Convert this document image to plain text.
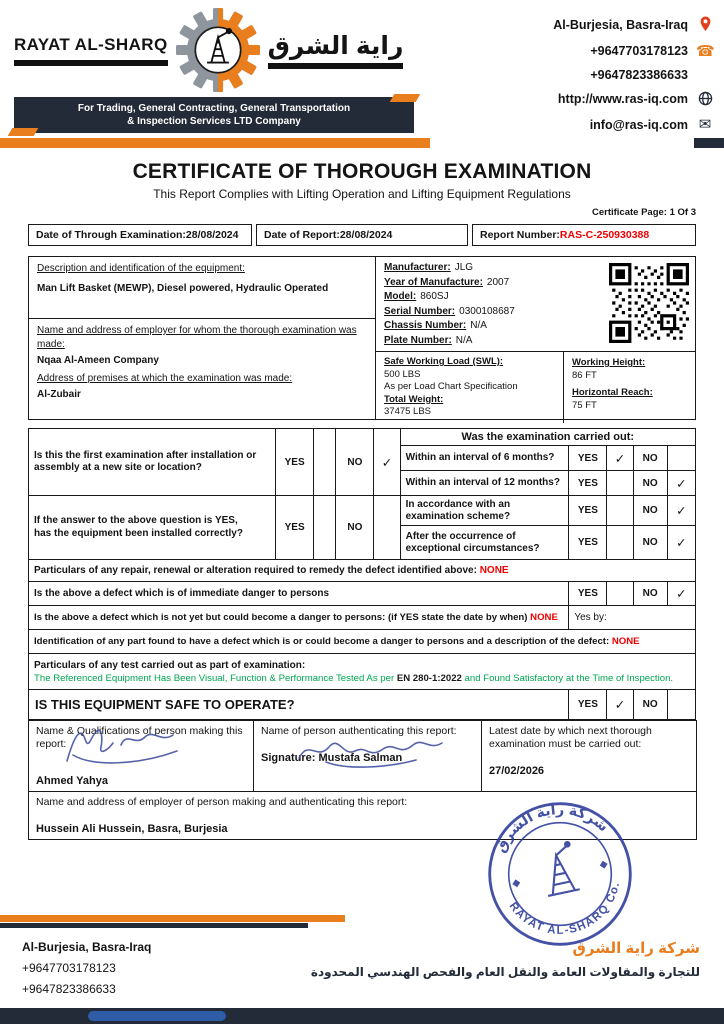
RAYAT AL-SHARQ	راية الشرق
For Trading, General Contracting, General Transportation
& Inspection Services LTD Company
Al-Burjesia, Basra-Iraq
+9647703178123 ☎
+9647823386633
http://www.ras-iq.com
info@ras-iq.com ✉
CERTIFICATE OF THOROUGH EXAMINATION
This Report Complies with Lifting Operation and Lifting Equipment Regulations
Certificate Page: 1 Of 3
Date of Through Examination: 28/08/2024 Date of Report: 28/08/2024	Report Number: RAS-C-250930388
Description and identification of the equipment:
Man Lift Basket (MEWP), Diesel powered, Hydraulic Operated
Name and address of employer for whom the thorough examination was made:
Nqaa Al-Ameen Company
Address of premises at which the examination was made:
Al-Zubair
Manufacturer: JLG
Year of Manufacture: 2007
Model: 860SJ
Serial Number: 0300108687
Chassis Number: N/A
Plate Number: N/A
Safe Working Load (SWL):
500 LBS
As per Load Chart Specification
Total Weight:
37475 LBS
Working Height:
86 FT
Horizontal Reach:
75 FT
Is this the first examination after installation or assembly at a new site or location?	YES		NO	✓	Was the examination carried out:				
					Within an interval of 6 months?	YES	✓	NO	
					Within an interval of 12 months?	YES		NO	✓

If the answer to the above question is YES,
has the equipment been installed correctly?	YES		NO		In accordance with an examination scheme?	YES		NO	✓
					After the occurrence of exceptional circumstances?	YES		NO	✓
Particulars of any repair, renewal or alteration required to remedy the defect identified above: NONE									
Is the above a defect which is of immediate danger to persons						YES		NO	✓
Is the above a defect which is not yet but could become a danger to persons: (if YES state the date by when) NONE						Yes by:			
Identification of any part found to have a defect which is or could become a danger to persons and a description of the defect: NONE									

Particulars of any test carried out as part of examination:
The Referenced Equipment Has Been Visual, Function & Performance Tested As per EN 280-1:2022 and Found Satisfactory at the Time of Inspection.									

IS THIS EQUIPMENT SAFE TO OPERATE?						YES	✓	NO	
Name & Qualifications of person making this report:
Ahmed Yahya

Name of person authenticating this report:
Signature: Mustafa Salman

Latest date by which next thorough examination must be carried out:
27/02/2026

Name and address of employer of person making and authenticating this report:
Hussein Ali Hussein, Basra, Burjesia
شركة راية الشرق
RAYAT AL-SHARQ Co.
Al-Burjesia, Basra-Iraq
+9647703178123
+9647823386633
شركة راية الشرق
للتجارة والمقاولات العامة والنقل العام والفحص الهندسي المحدودة
